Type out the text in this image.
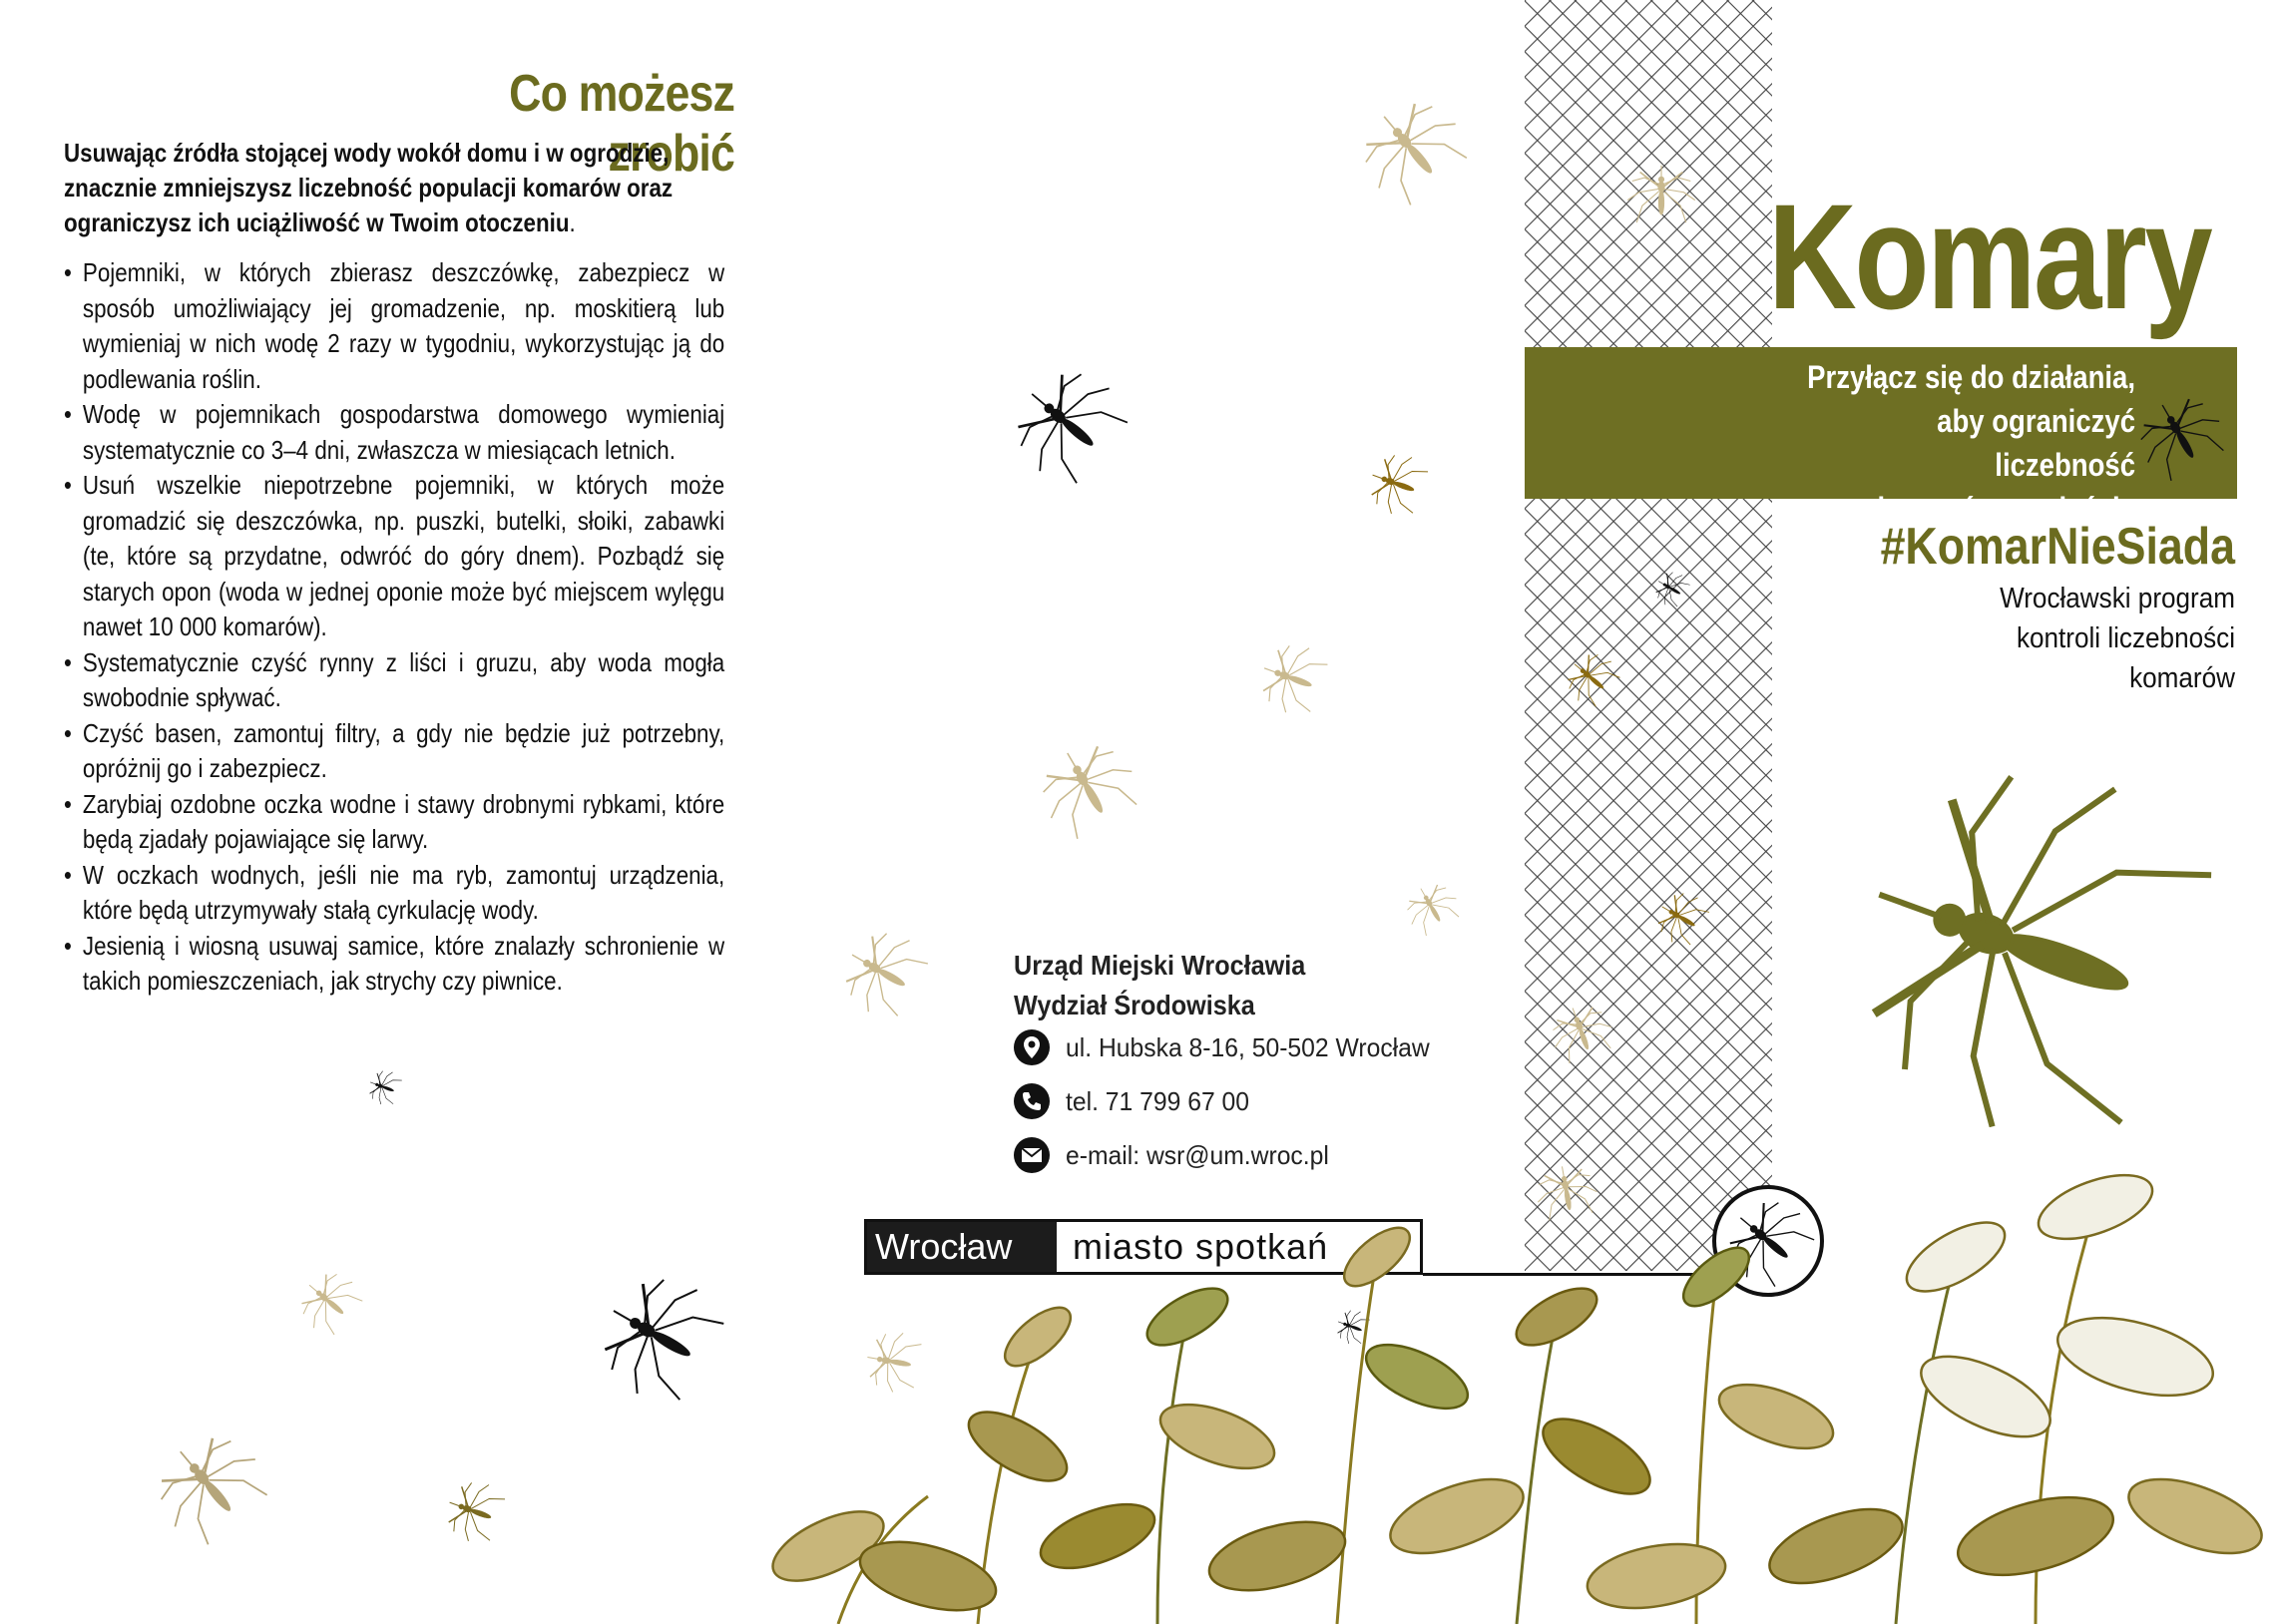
Co możesz zrobić
Usuwając źródła stojącej wody wokół domu i w ogrodzie, znacznie zmniejszysz liczebność populacji komarów oraz ograniczysz ich uciążliwość w Twoim otoczeniu.
• Pojemniki, w których zbierasz deszczówkę, zabezpiecz w sposób umożliwiający jej gromadzenie, np. moskitierą lub wymieniaj w nich wodę 2 razy w tygodniu, wykorzystując ją do podlewania roślin.
• Wodę w pojemnikach gospodarstwa domowego wymieniaj systematycznie co 3–4 dni, zwłaszcza w miesiącach letnich.
• Usuń wszelkie niepotrzebne pojemniki, w których może gromadzić się deszczówka, np. puszki, butelki, słoiki, zabawki (te, które są przydatne, odwróć do góry dnem). Pozbądź się starych opon (woda w jednej oponie może być miejscem wylęgu nawet 10 000 komarów).
• Systematycznie czyść rynny z liści i gruzu, aby woda mogła swobodnie spływać.
• Czyść basen, zamontuj filtry, a gdy nie będzie już potrzebny, opróżnij go i zabezpiecz.
• Zarybiaj ozdobne oczka wodne i stawy drobnymi rybkami, które będą zjadały pojawiające się larwy.
• W oczkach wodnych, jeśli nie ma ryb, zamontuj urządzenia, które będą utrzymywały stałą cyrkulację wody.
• Jesienią i wiosną usuwaj samice, które znalazły schronienie w takich pomieszczeniach, jak strychy czy piwnice.	Urząd Miejski Wrocławia
Wydział Środowiska
ul. Hubska 8-16, 50-502 Wrocław
tel. 71 799 67 00
e-mail: wsr@um.wroc.pl
Wrocław	miasto spotkań
Komary
Przyłącz się do działania,
aby ograniczyć liczebność
komarów w mieście
#KomarNieSiada
Wrocławski program
kontroli liczebności
komarów
